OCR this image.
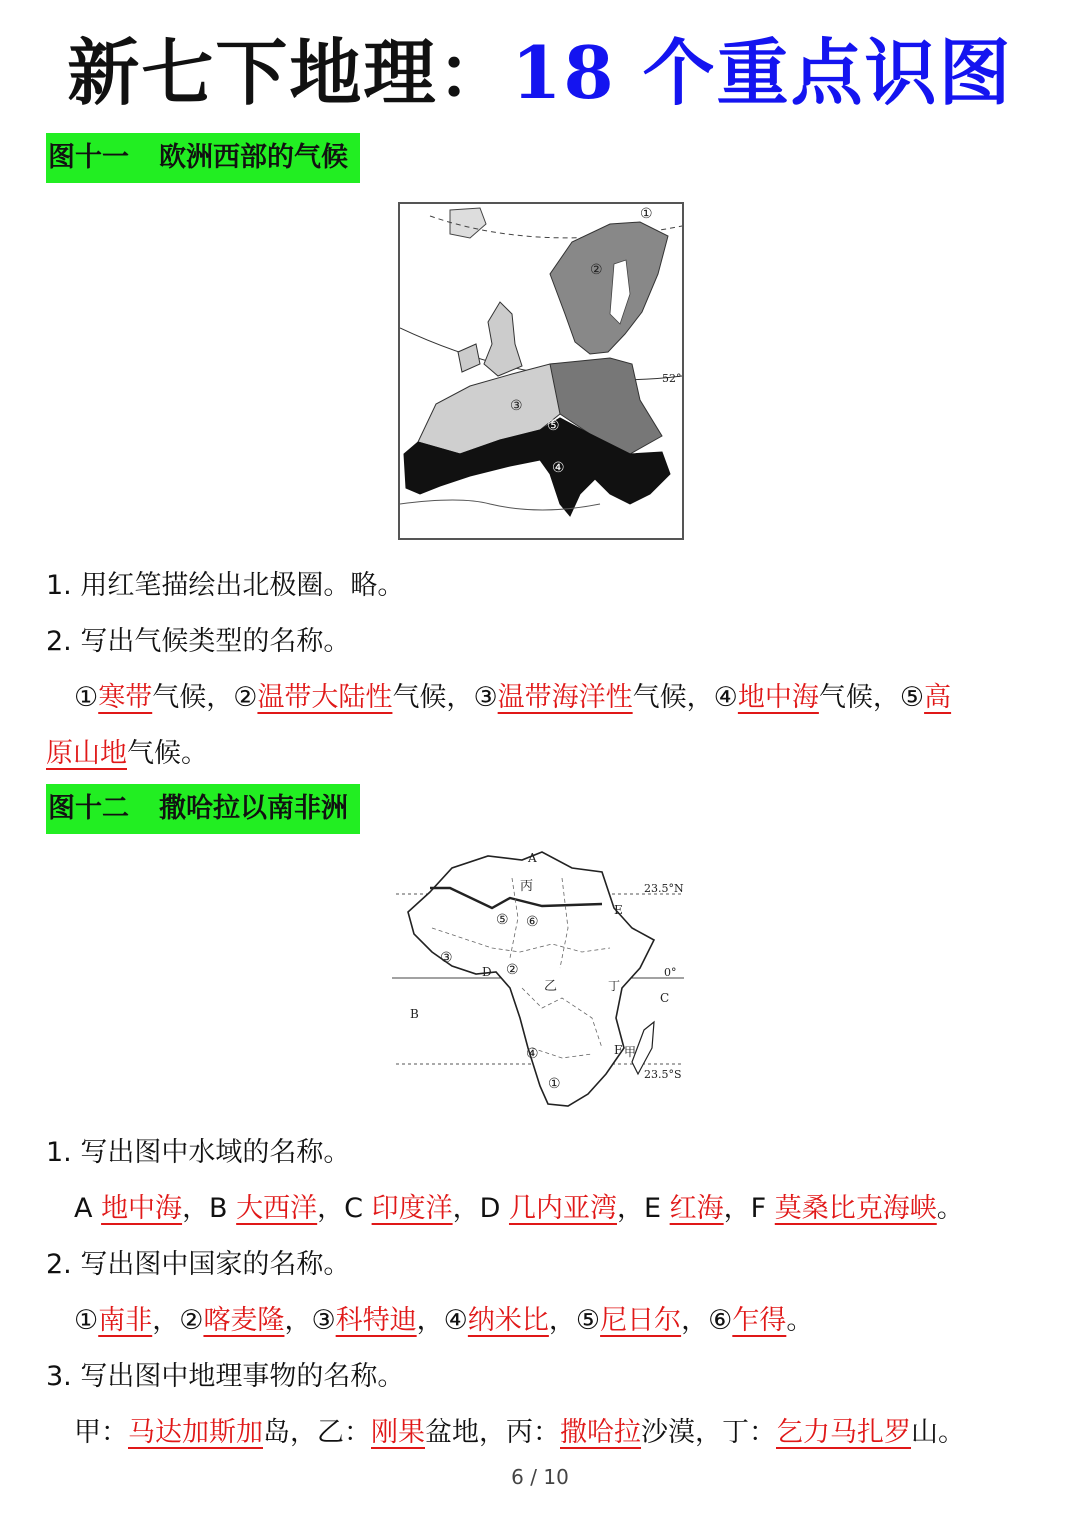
新七下地理：18 个重点识图
图十一 欧洲西部的气候
①
②
③
④
⑤
52°
1. 用红笔描绘出北极圈。略。
2. 写出气候类型的名称。
①寒带气候，②温带大陆性气候，③温带海洋性气候，④地中海气候，⑤高
原山地气候。
图十二 撒哈拉以南非洲
A
B
C
D
E
F
①
②
③
④
⑤ ⑥
甲
乙
丙
丁
23.5°N
0°
23.5°S
1. 写出图中水域的名称。
A 地中海，B 大西洋，C 印度洋，D 几内亚湾，E 红海，F 莫桑比克海峡。
2. 写出图中国家的名称。
①南非，②喀麦隆，③科特迪，④纳米比，⑤尼日尔，⑥乍得。
3. 写出图中地理事物的名称。
甲：马达加斯加岛，乙：刚果盆地，丙：撒哈拉沙漠，丁：乞力马扎罗山。
6 / 10
